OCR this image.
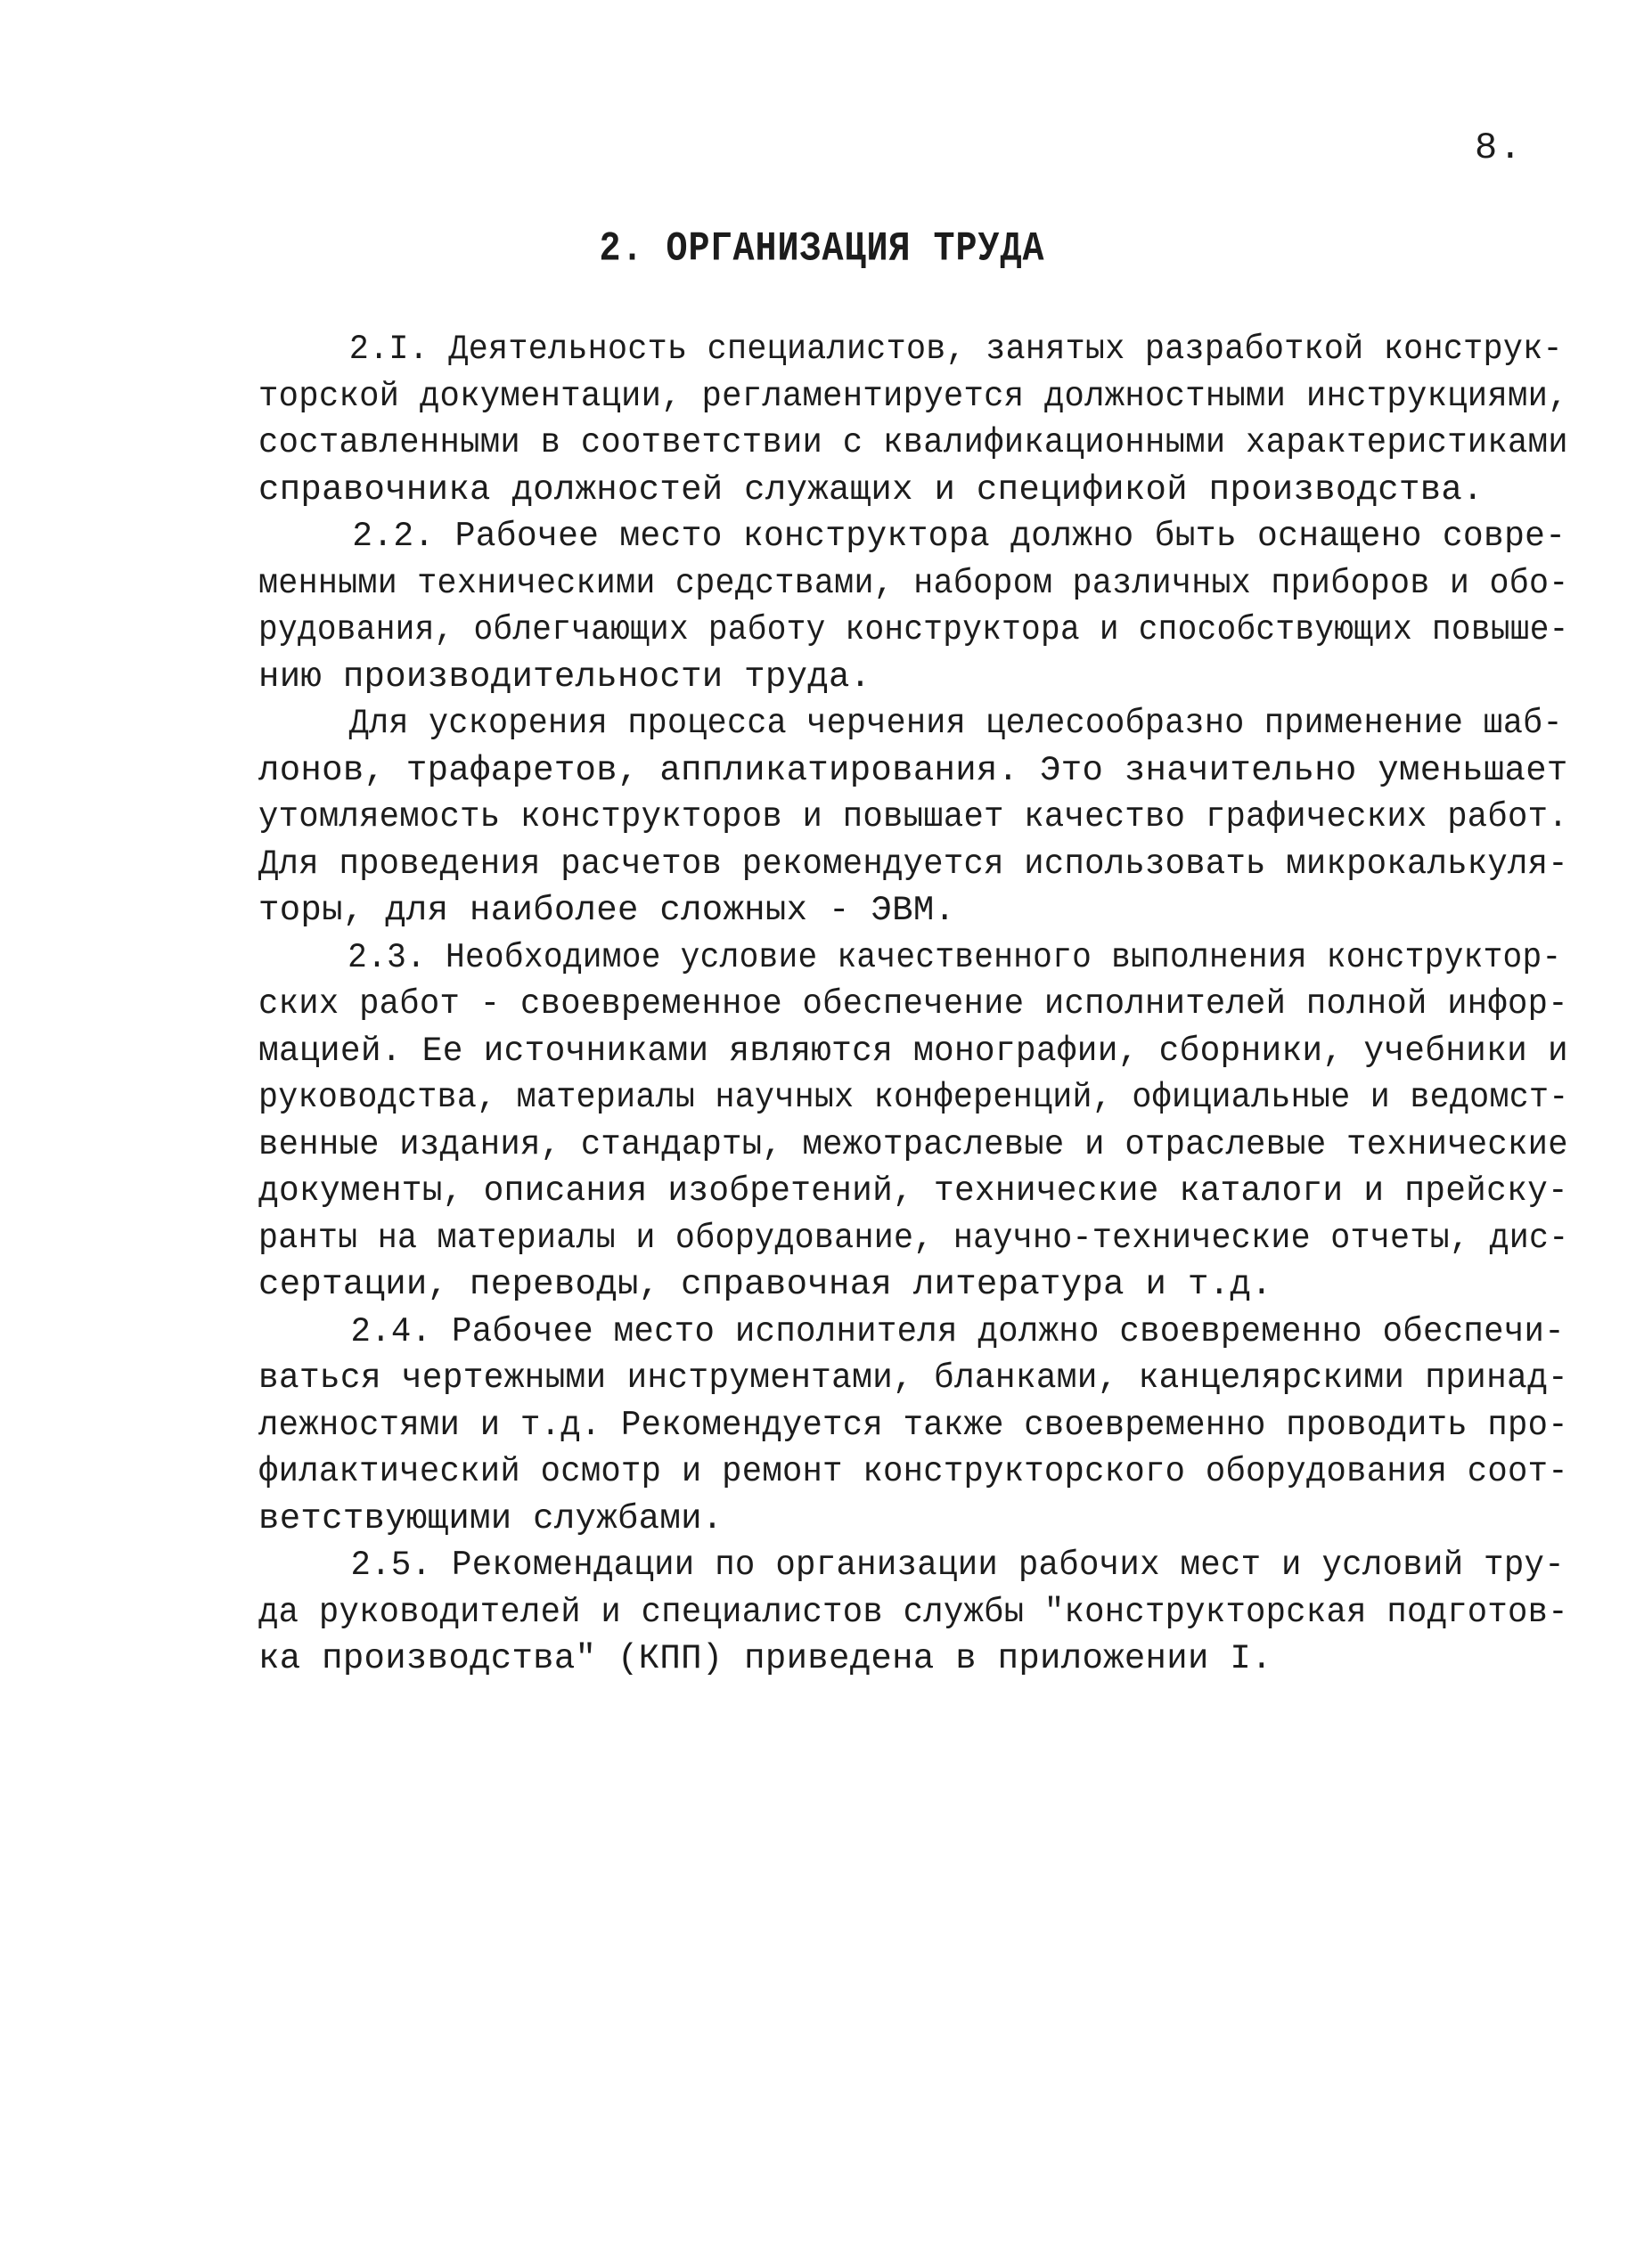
8.
2. ОРГАНИЗАЦИЯ ТРУДА
2.I. Деятельность специалистов, занятых разработкой конструк-
торской документации, регламентируется должностными инструкциями,
составленными в соответствии с квалификационными характеристиками
справочника должностей служащих и спецификой производства.
2.2. Рабочее место конструктора должно быть оснащено совре-
менными техническими средствами, набором различных приборов и обо-
рудования, облегчающих работу конструктора и способствующих повыше-
нию производительности труда.
Для ускорения процесса черчения целесообразно применение шаб-
лонов, трафаретов, аппликатирования. Это значительно уменьшает
утомляемость конструкторов и повышает качество графических работ.
Для проведения расчетов рекомендуется использовать микрокалькуля-
торы, для наиболее сложных - ЭВМ.
2.3. Необходимое условие качественного выполнения конструктор-
ских работ - своевременное обеспечение исполнителей полной инфор-
мацией. Ее источниками являются монографии, сборники, учебники и
руководства, материалы научных конференций, официальные и ведомст-
венные издания, стандарты, межотраслевые и отраслевые технические
документы, описания изобретений, технические каталоги и прейску-
ранты на материалы и оборудование, научно-технические отчеты, дис-
сертации, переводы, справочная литература и т.д.
2.4. Рабочее место исполнителя должно своевременно обеспечи-
ваться чертежными инструментами, бланками, канцелярскими принад-
лежностями и т.д. Рекомендуется также своевременно проводить про-
филактический осмотр и ремонт конструкторского оборудования соот-
ветствующими службами.
2.5. Рекомендации по организации рабочих мест и условий тру-
да руководителей и специалистов службы "конструкторская подготов-
ка производства" (КПП) приведена в приложении I.
